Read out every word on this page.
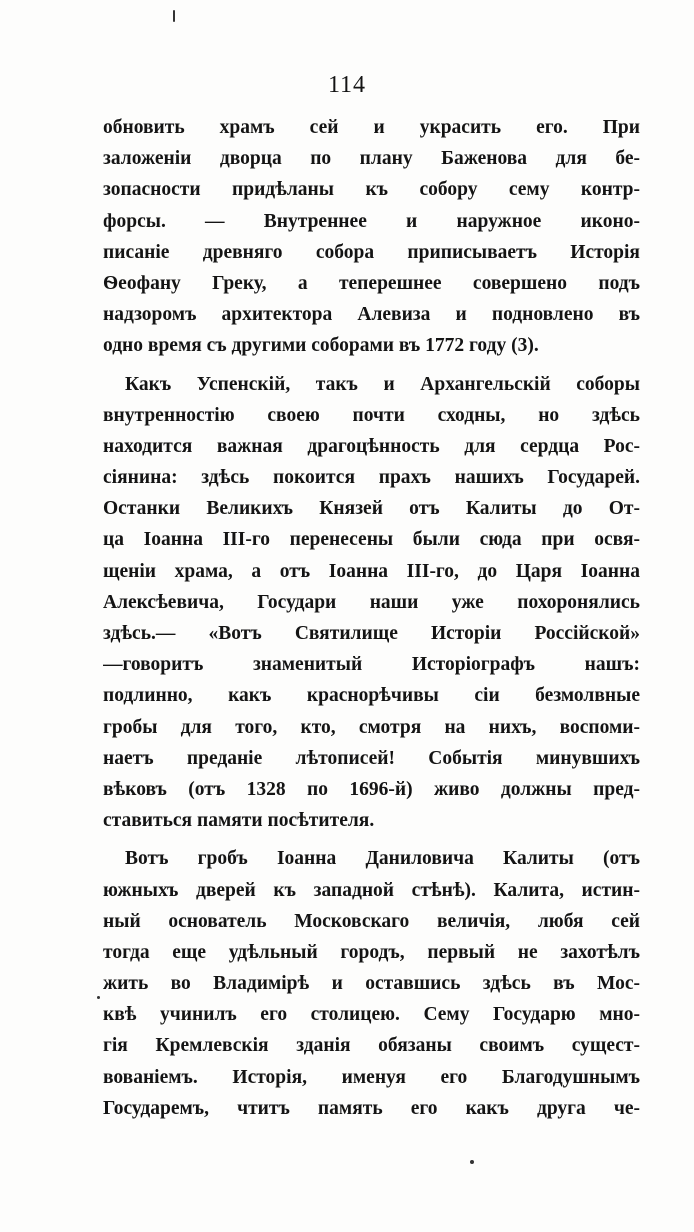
114
обновить храмъ сей и украсить его. При
заложеніи дворца по плану Баженова для бе-
зопасности придѣланы къ собору сему контр-
форсы. — Внутреннее и наружное иконо-
писаніе древняго собора приписываетъ Исторія
Ѳеофану Греку, а теперешнее совершено подъ
надзоромъ архитектора Алевиза и подновлено въ
одно время съ другими соборами въ 1772 году (3).
Какъ Успенскій, такъ и Архангельскій соборы
внутренностію своею почти сходны, но здѣсь
находится важная драгоцѣнность для сердца Рос-
сіянина: здѣсь покоится прахъ нашихъ Государей.
Останки Великихъ Князей отъ Калиты до От-
ца Іоанна III-го перенесены были сюда при освя-
щеніи храма, а отъ Іоанна III-го, до Царя Іоанна
Алексѣевича, Государи наши уже похоронялись
здѣсь.— «Вотъ Святилище Исторіи Россійской»
—говоритъ знаменитый Исторіографъ нашъ:
подлинно, какъ краснорѣчивы сіи безмолвные
гробы для того, кто, смотря на нихъ, воспоми-
наетъ преданіе лѣтописей! Событія минувшихъ
вѣковъ (отъ 1328 по 1696-й) живо должны пред-
ставиться памяти посѣтителя.
Вотъ гробъ Іоанна Даниловича Калиты (отъ
южныхъ дверей къ западной стѣнѣ). Калита, истин-
ный основатель Московскаго величія, любя сей
тогда еще удѣльный городъ, первый не захотѣлъ
жить во Владимірѣ и оставшись здѣсь въ Мос-
квѣ учинилъ его столицею. Сему Государю мно-
гія Кремлевскія зданія обязаны своимъ сущест-
вованіемъ. Исторія, именуя его Благодушнымъ
Государемъ, чтитъ память его какъ друга че-
